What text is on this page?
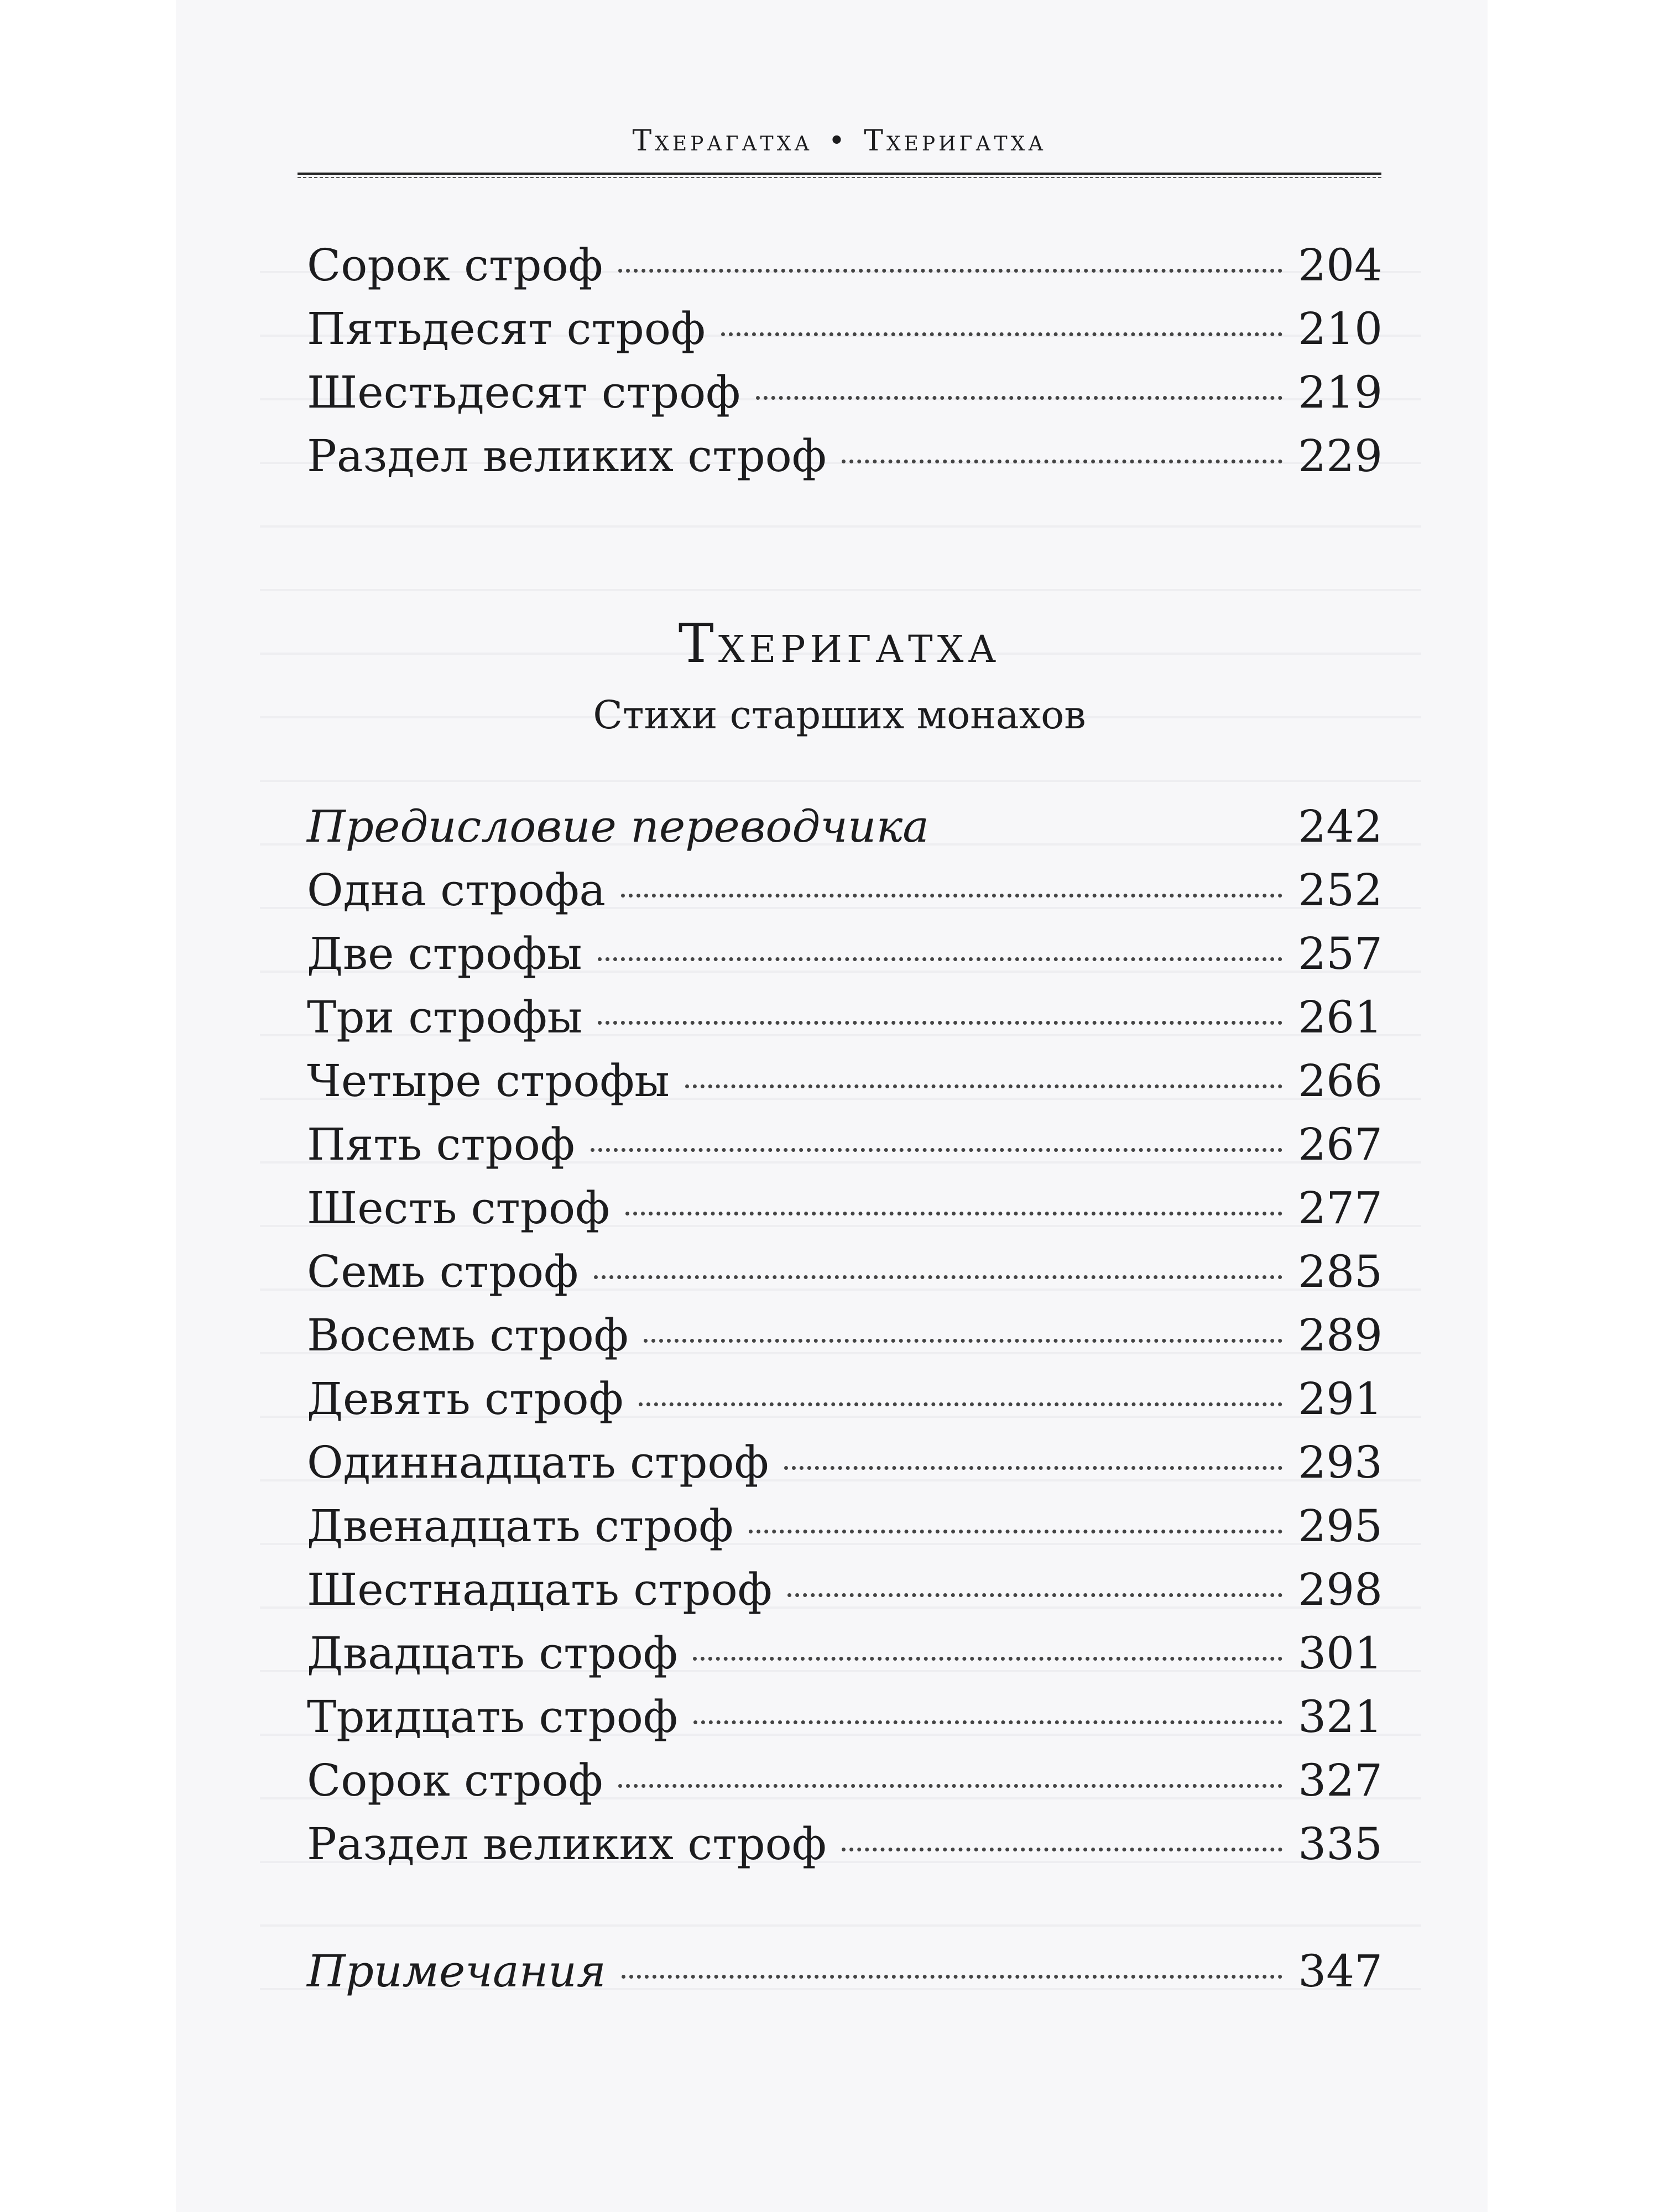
Тхерагатха • Тхеригатха
Сорок строф	204
Пятьдесят строф	210
Шестьдесят строф	219
Раздел великих строф	229
Тхеригатха
Стихи старших монахов
Предисловие переводчика	242
Одна строфа	252
Две строфы	257
Три строфы	261
Четыре строфы	266
Пять строф	267
Шесть строф	277
Семь строф	285
Восемь строф	289
Девять строф	291
Одиннадцать строф	293
Двенадцать строф	295
Шестнадцать строф	298
Двадцать строф	301
Тридцать строф	321
Сорок строф	327
Раздел великих строф	335
Примечания	347
